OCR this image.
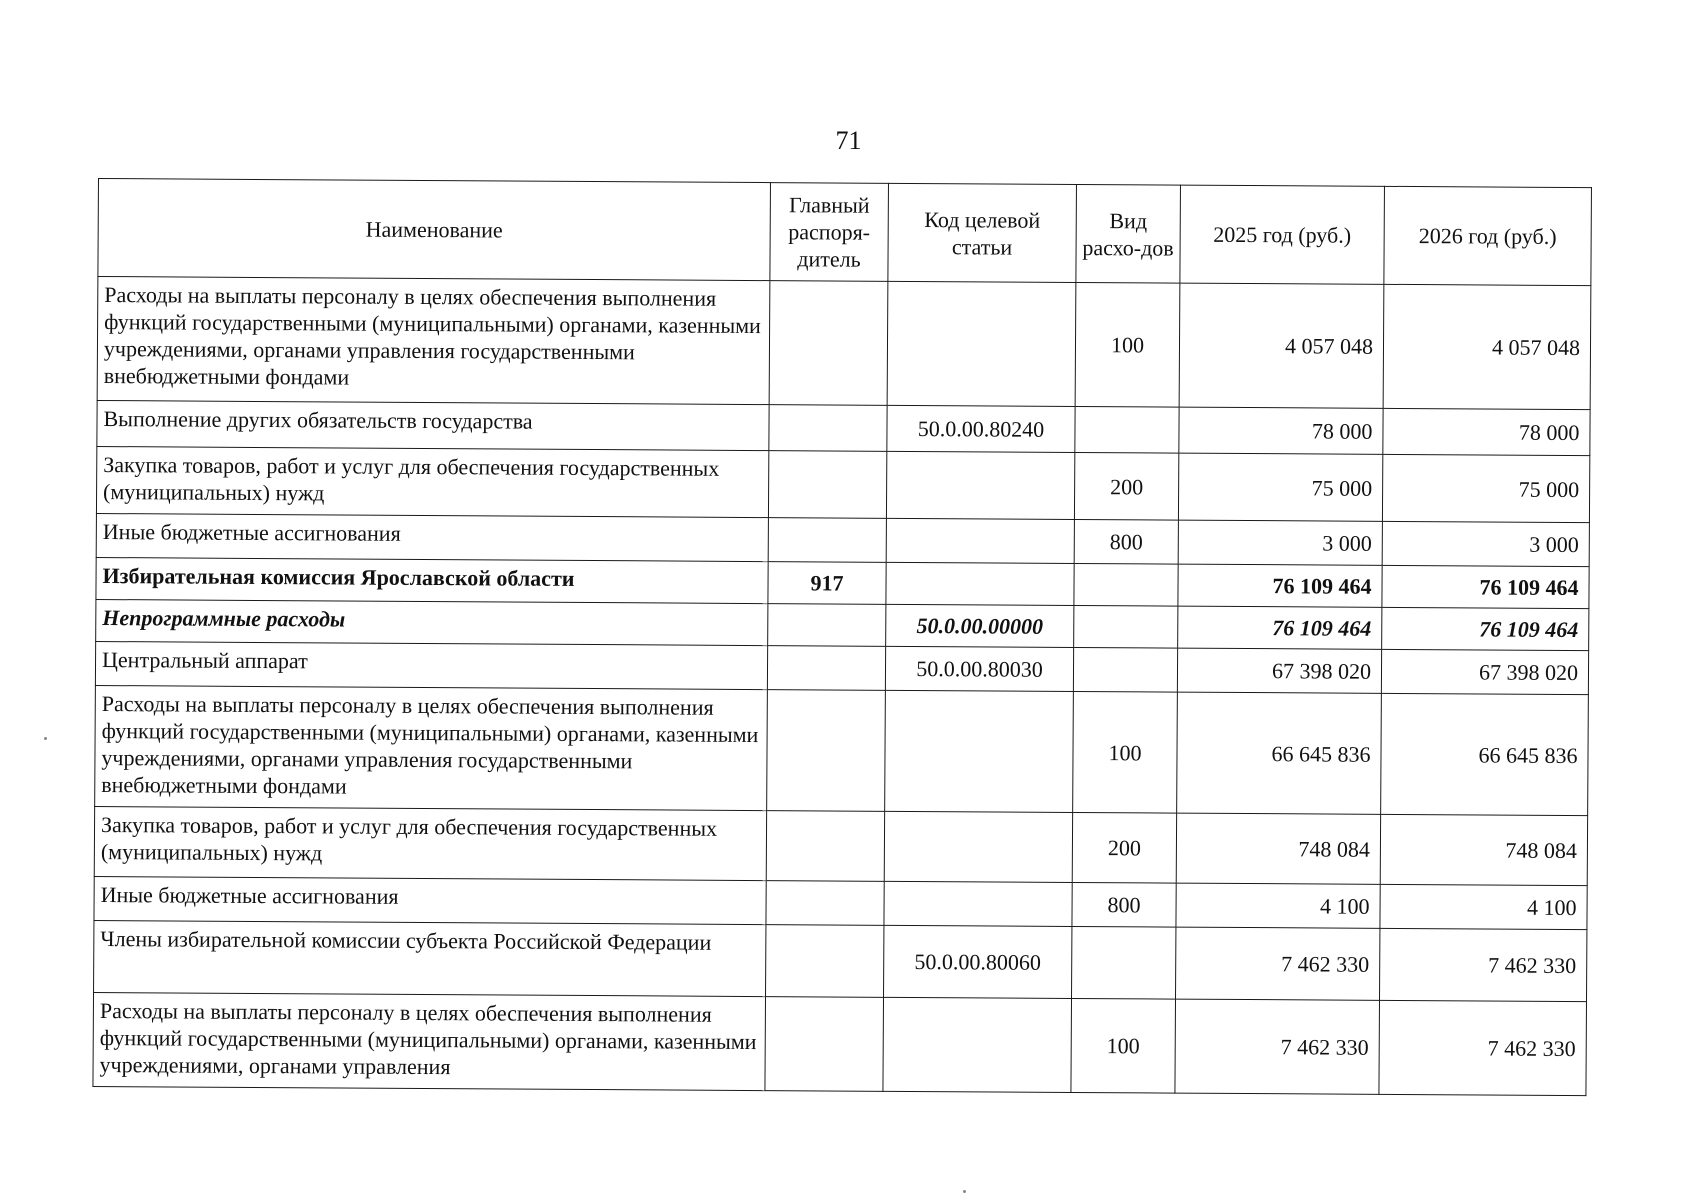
71
Наименование	Главный распоря-дитель	Код целевой статьи	Вид расхо-дов	2025 год (руб.)	2026 год (руб.)
Расходы на выплаты персоналу в целях обеспечения выполнения функций государственными (муниципальными) органами, казенными учреждениями, органами управления государственными внебюджетными фондами			100	4 057 048	4 057 048
Выполнение других обязательств государства		50.0.00.80240		78 000	78 000
Закупка товаров, работ и услуг для обеспечения государственных (муниципальных) нужд			200	75 000	75 000
Иные бюджетные ассигнования			800	3 000	3 000
Избирательная комиссия Ярославской области	917			76 109 464	76 109 464
Непрограммные расходы		50.0.00.00000		76 109 464	76 109 464
Центральный аппарат		50.0.00.80030		67 398 020	67 398 020
Расходы на выплаты персоналу в целях обеспечения выполнения функций государственными (муниципальными) органами, казенными учреждениями, органами управления государственными внебюджетными фондами			100	66 645 836	66 645 836
Закупка товаров, работ и услуг для обеспечения государственных (муниципальных) нужд			200	748 084	748 084
Иные бюджетные ассигнования			800	4 100	4 100
Члены избирательной комиссии субъекта Российской Федерации		50.0.00.80060		7 462 330	7 462 330
Расходы на выплаты персоналу в целях обеспечения выполнения функций государственными (муниципальными) органами, казенными учреждениями, органами управления			100	7 462 330	7 462 330
